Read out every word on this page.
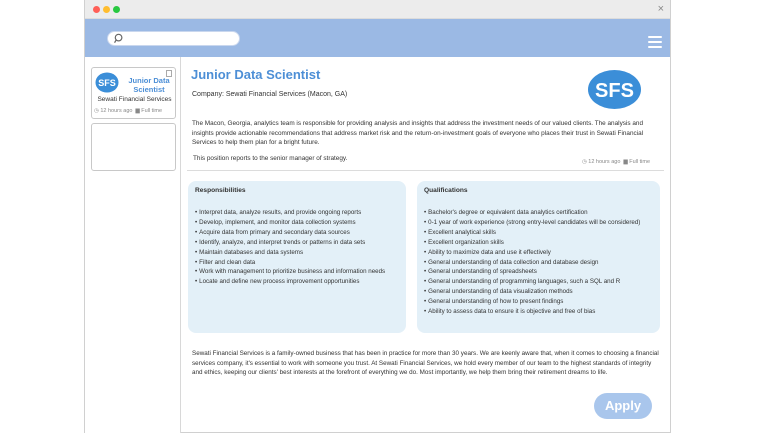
×
SFS	Junior Data Scientist
Sewati Financial Services
◷ 12 hours ago ▆ Full time
Junior Data Scientist
Company: Sewati Financial Services (Macon, GA)	SFS
The Macon, Georgia, analytics team is responsible for providing analysis and insights that address the investment needs of our valued clients. The analysis and insights provide actionable recommendations that address market risk and the return-on-investment goals of everyone who places their trust in Sewati Financial Services to help them plan for a bright future.
This position reports to the senior manager of strategy.	◷ 12 hours ago ▆ Full time
Responsibilities
• Interpret data, analyze results, and provide ongoing reports
• Develop, implement, and monitor data collection systems
• Acquire data from primary and secondary data sources
• Identify, analyze, and interpret trends or patterns in data sets
• Maintain databases and data systems
• Filter and clean data
• Work with management to prioritize business and information needs
• Locate and define new process improvement opportunities
Qualifications
• Bachelor's degree or equivalent data analytics certification
• 0-1 year of work experience (strong entry-level candidates will be considered)
• Excellent analytical skills
• Excellent organization skills
• Ability to maximize data and use it effectively
• General understanding of data collection and database design
• General understanding of spreadsheets
• General understanding of programming languages, such a SQL and R
• General understanding of data visualization methods
• General understanding of how to present findings
• Ability to assess data to ensure it is objective and free of bias
Sewati Financial Services is a family-owned business that has been in practice for more than 30 years. We are keenly aware that, when it comes to choosing a financial services company, it's essential to work with someone you trust. At Sewati Financial Services, we hold every member of our team to the highest standards of integrity and ethics, keeping our clients' best interests at the forefront of everything we do. Most importantly, we help them bring their retirement dreams to life.
Apply
